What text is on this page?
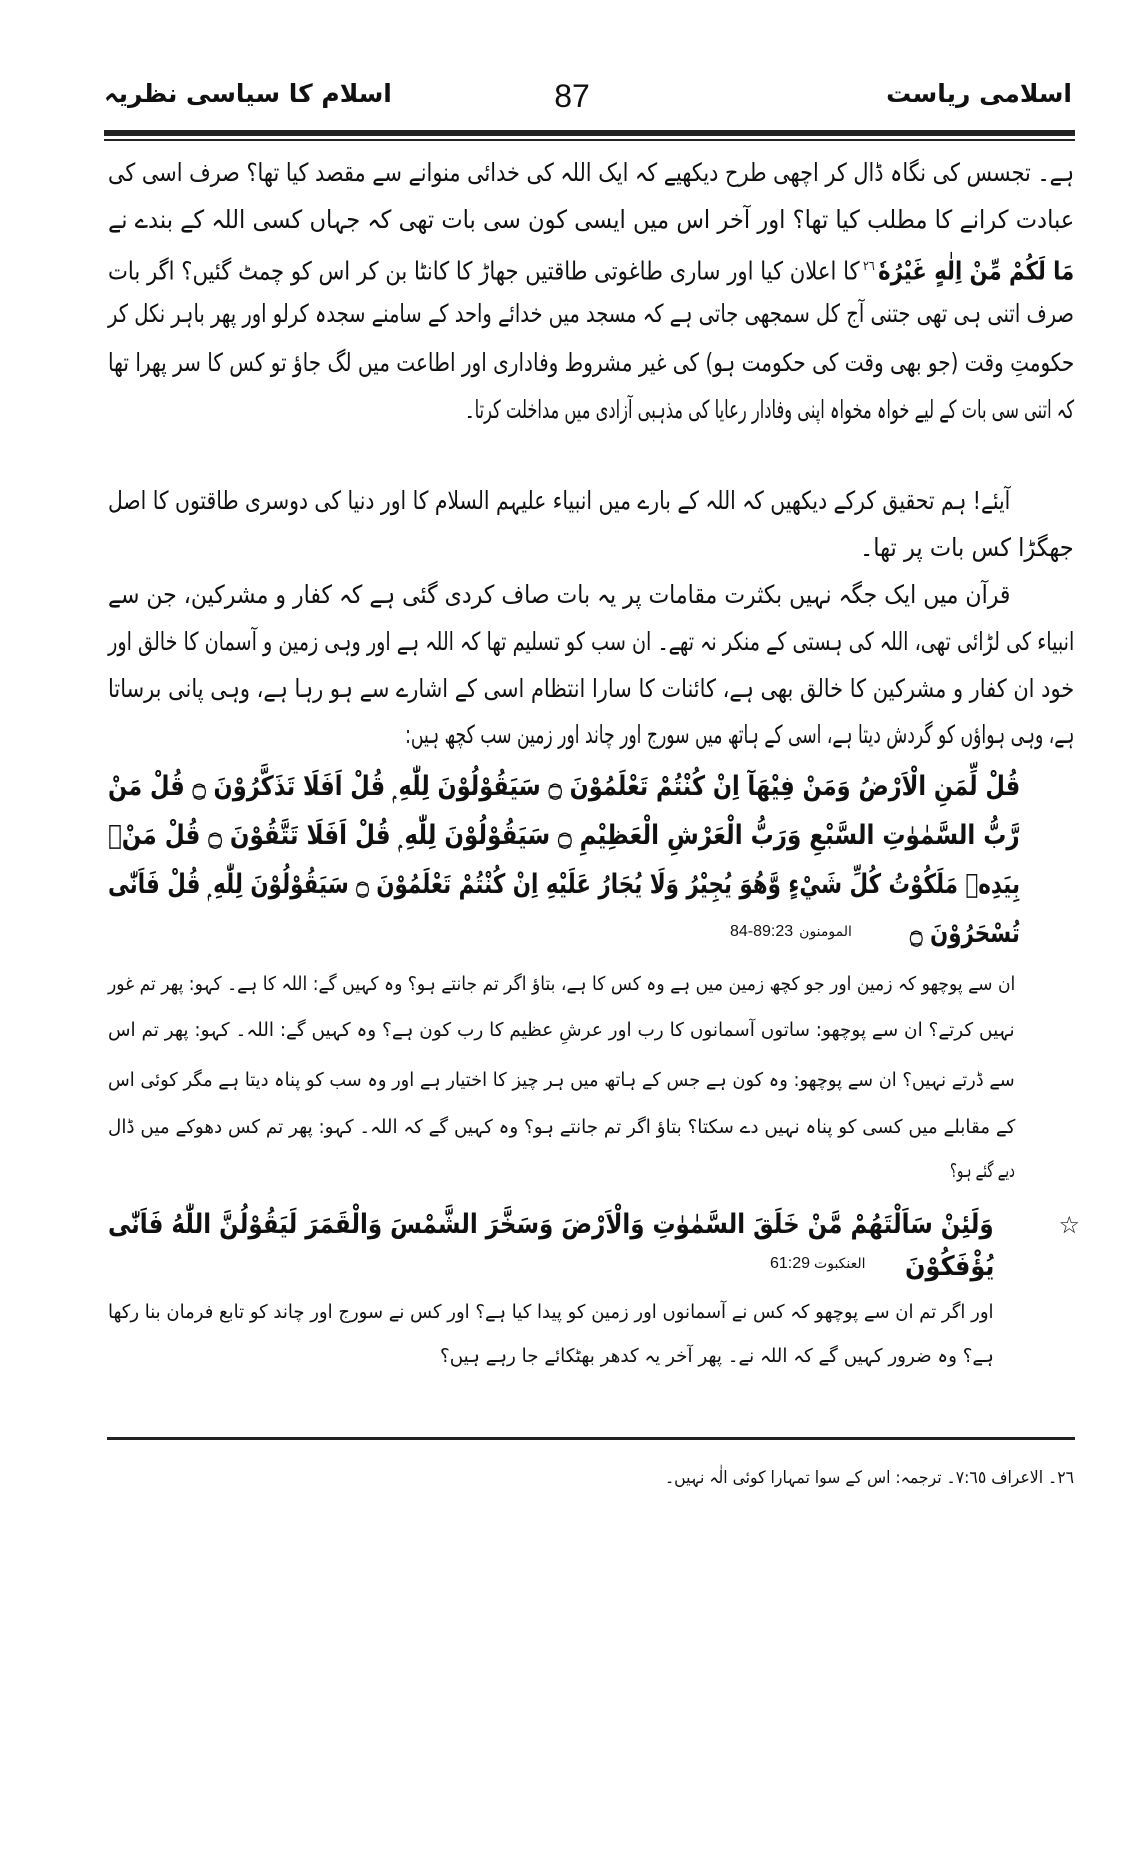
اسلامی ریاست
87
اسلام کا سیاسی نظریہ
ہے۔ تجسس کی نگاہ ڈال کر اچھی طرح دیکھیے کہ ایک اللہ کی خدائی منوانے سے مقصد کیا تھا؟ صرف اسی کی
عبادت کرانے کا مطلب کیا تھا؟ اور آخر اس میں ایسی کون سی بات تھی کہ جہاں کسی اللہ کے بندے نے
صرف اتنی ہی تھی جتنی آج کل سمجھی جاتی ہے کہ مسجد میں خدائے واحد کے سامنے سجدہ کرلو اور پھر باہر نکل کر
حکومتِ وقت (جو بھی وقت کی حکومت ہو) کی غیر مشروط وفاداری اور اطاعت میں لگ جاؤ تو کس کا سر پھرا تھا
کہ اتنی سی بات کے لیے خواہ مخواہ اپنی وفادار رعایا کی مذہبی آزادی میں مداخلت کرتا۔
آیئے! ہم تحقیق کرکے دیکھیں کہ اللہ کے بارے میں انبیاء علیہم السلام کا اور دنیا کی دوسری طاقتوں کا اصل
جھگڑا کس بات پر تھا۔
قرآن میں ایک جگہ نہیں بکثرت مقامات پر یہ بات صاف کردی گئی ہے کہ کفار و مشرکین، جن سے
انبیاء کی لڑائی تھی، اللہ کی ہستی کے منکر نہ تھے۔ ان سب کو تسلیم تھا کہ اللہ ہے اور وہی زمین و آسمان کا خالق اور
خود ان کفار و مشرکین کا خالق بھی ہے، کائنات کا سارا انتظام اسی کے اشارے سے ہو رہا ہے، وہی پانی برساتا
ہے، وہی ہواؤں کو گردش دیتا ہے، اسی کے ہاتھ میں سورج اور چاند اور زمین سب کچھ ہیں:
قُلْ لِّمَنِ الْاَرْضُ وَمَنْ فِيْهَآ اِنْ كُنْتُمْ تَعْلَمُوْنَ ۝ سَيَقُوْلُوْنَ لِلّٰهِ ۭ قُلْ اَفَلَا تَذَكَّرُوْنَ ۝ قُلْ مَنْ
رَّبُّ السَّمٰوٰتِ السَّبْعِ وَرَبُّ الْعَرْشِ الْعَظِيْمِ ۝ سَيَقُوْلُوْنَ لِلّٰهِ ۭ قُلْ اَفَلَا تَتَّقُوْنَ ۝ قُلْ مَنْۢ
بِيَدِهٖ مَلَكُوْتُ كُلِّ شَيْءٍ وَّهُوَ يُجِيْرُ وَلَا يُجَارُ عَلَيْهِ اِنْ كُنْتُمْ تَعْلَمُوْنَ ۝ سَيَقُوْلُوْنَ لِلّٰهِ ۭ قُلْ فَاَنّٰى
تُسْحَرُوْنَ ۝
ان سے پوچھو کہ زمین اور جو کچھ زمین میں ہے وہ کس کا ہے، بتاؤ اگر تم جانتے ہو؟ وہ کہیں گے: اللہ کا ہے۔ کہو: پھر تم غور
نہیں کرتے؟ ان سے پوچھو: ساتوں آسمانوں کا رب اور عرشِ عظیم کا رب کون ہے؟ وہ کہیں گے: اللہ۔ کہو: پھر تم اس
سے ڈرتے نہیں؟ ان سے پوچھو: وہ کون ہے جس کے ہاتھ میں ہر چیز کا اختیار ہے اور وہ سب کو پناہ دیتا ہے مگر کوئی اس
کے مقابلے میں کسی کو پناہ نہیں دے سکتا؟ بتاؤ اگر تم جانتے ہو؟ وہ کہیں گے کہ اللہ۔ کہو: پھر تم کس دھوکے میں ڈال
دیے گئے ہو؟
وَلَئِنْ سَاَلْتَهُمْ مَّنْ خَلَقَ السَّمٰوٰتِ وَالْاَرْضَ وَسَخَّرَ الشَّمْسَ وَالْقَمَرَ لَيَقُوْلُنَّ اللّٰهُ فَاَنّٰى
يُؤْفَكُوْنَ
اور اگر تم ان سے پوچھو کہ کس نے آسمانوں اور زمین کو پیدا کیا ہے؟ اور کس نے سورج اور چاند کو تابع فرمان بنا رکھا
ہے؟ وہ ضرور کہیں گے کہ اللہ نے۔ پھر آخر یہ کدھر بھٹکائے جا رہے ہیں؟
٢٦۔ الاعراف ٧:٦٥۔ ترجمہ: اس کے سوا تمہارا کوئی الٰہ نہیں۔
مَا لَكُمْ مِّنْ اِلٰهٍ غَيْرُهٗ$^{٢٦}$کا اعلان کیا اور ساری طاغوتی طاقتیں جھاڑ کا کانٹا بن کر اس کو چمٹ گئیں؟ اگر بات
☆
المومنون84-89:23
العنکبوت61:29
